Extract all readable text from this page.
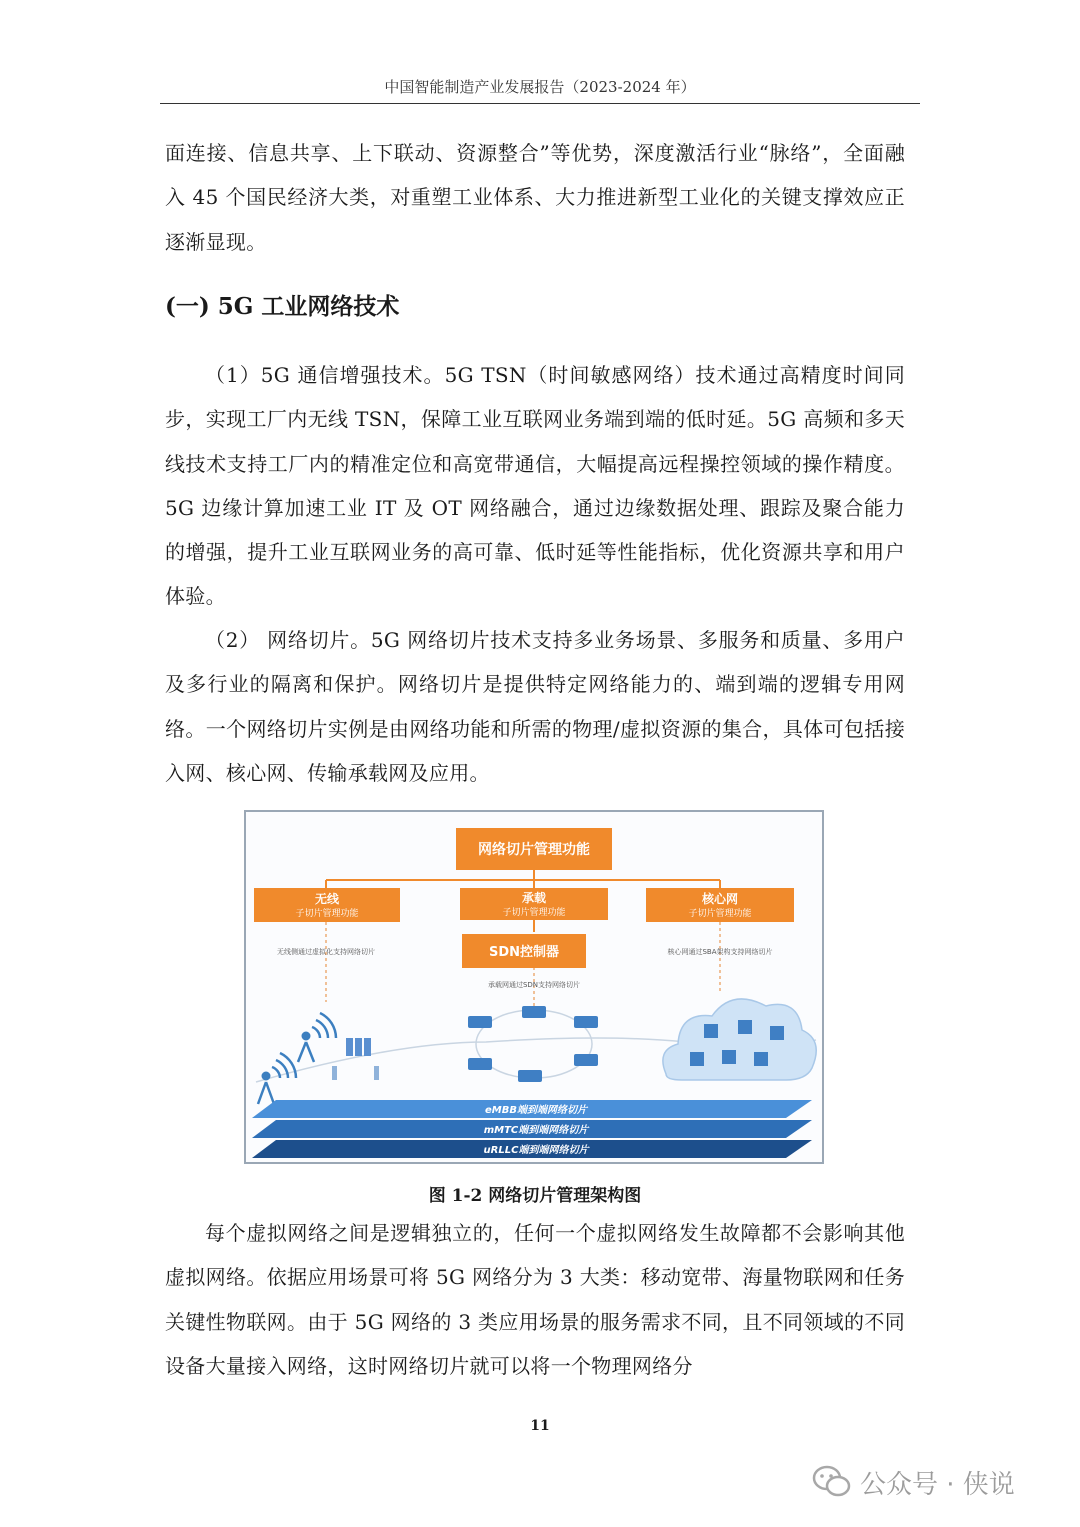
中国智能制造产业发展报告（2023-2024 年）
面连接、信息共享、上下联动、资源整合”等优势，深度激活行业“脉络”，全面融入 45 个国民经济大类，对重塑工业体系、大力推进新型工业化的关键支撑效应正逐渐显现。
(一) 5G 工业网络技术
（1）5G 通信增强技术。5G TSN（时间敏感网络）技术通过高精度时间同步，实现工厂内无线 TSN，保障工业互联网业务端到端的低时延。5G 高频和多天线技术支持工厂内的精准定位和高宽带通信，大幅提高远程操控领域的操作精度。5G 边缘计算加速工业 IT 及 OT 网络融合，通过边缘数据处理、跟踪及聚合能力的增强，提升工业互联网业务的高可靠、低时延等性能指标，优化资源共享和用户体验。
（2） 网络切片。5G 网络切片技术支持多业务场景、多服务和质量、多用户及多行业的隔离和保护。网络切片是提供特定网络能力的、端到端的逻辑专用网络。一个网络切片实例是由网络功能和所需的物理/虚拟资源的集合，具体可包括接入网、核心网、传输承载网及应用。
网络切片管理功能
无线
子切片管理功能
无线侧通过虚拟化支持网络切片
承载
子切片管理功能
SDN控制器
承载网通过SDN支持网络切片
核心网
子切片管理功能
核心网通过SBA架构支持网络切片
eMBB端到端网络切片
mMTC端到端网络切片
uRLLC端到端网络切片
图 1-2 网络切片管理架构图
每个虚拟网络之间是逻辑独立的，任何一个虚拟网络发生故障都不会影响其他虚拟网络。依据应用场景可将 5G 网络分为 3 大类：移动宽带、海量物联网和任务关键性物联网。由于 5G 网络的 3 类应用场景的服务需求不同，且不同领域的不同设备大量接入网络，这时网络切片就可以将一个物理网络分
11
公众号 · 侠说
